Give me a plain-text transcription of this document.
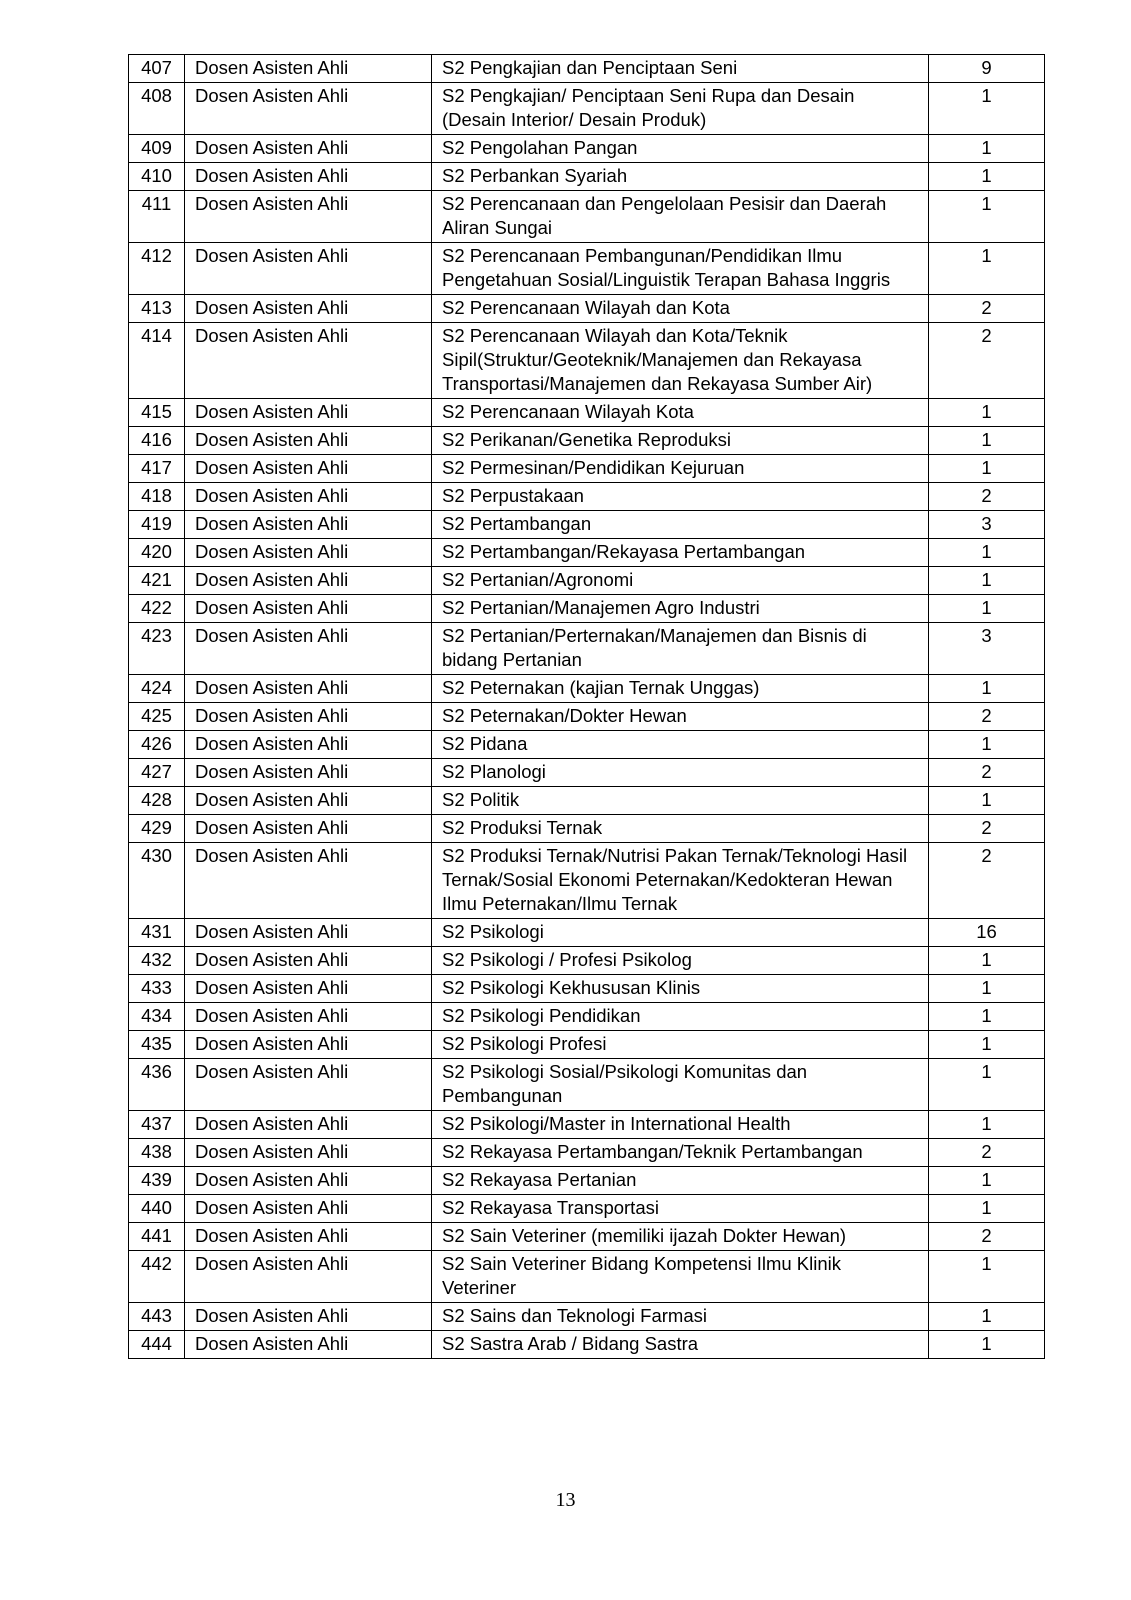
407	Dosen Asisten Ahli	S2 Pengkajian dan Penciptaan Seni	9
408	Dosen Asisten Ahli	S2 Pengkajian/ Penciptaan Seni Rupa dan Desain (Desain Interior/ Desain Produk)	1
409	Dosen Asisten Ahli	S2 Pengolahan Pangan	1
410	Dosen Asisten Ahli	S2 Perbankan Syariah	1
411	Dosen Asisten Ahli	S2 Perencanaan dan Pengelolaan Pesisir dan Daerah Aliran Sungai	1
412	Dosen Asisten Ahli	S2 Perencanaan Pembangunan/Pendidikan Ilmu Pengetahuan Sosial/Linguistik Terapan Bahasa Inggris	1
413	Dosen Asisten Ahli	S2 Perencanaan Wilayah dan Kota	2
414	Dosen Asisten Ahli	S2 Perencanaan Wilayah dan Kota/Teknik Sipil(Struktur/Geoteknik/Manajemen dan Rekayasa Transportasi/Manajemen dan Rekayasa Sumber Air)	2
415	Dosen Asisten Ahli	S2 Perencanaan Wilayah Kota	1
416	Dosen Asisten Ahli	S2 Perikanan/Genetika Reproduksi	1
417	Dosen Asisten Ahli	S2 Permesinan/Pendidikan Kejuruan	1
418	Dosen Asisten Ahli	S2 Perpustakaan	2
419	Dosen Asisten Ahli	S2 Pertambangan	3
420	Dosen Asisten Ahli	S2 Pertambangan/Rekayasa Pertambangan	1
421	Dosen Asisten Ahli	S2 Pertanian/Agronomi	1
422	Dosen Asisten Ahli	S2 Pertanian/Manajemen Agro Industri	1
423	Dosen Asisten Ahli	S2 Pertanian/Perternakan/Manajemen dan Bisnis di bidang Pertanian	3
424	Dosen Asisten Ahli	S2 Peternakan (kajian Ternak Unggas)	1
425	Dosen Asisten Ahli	S2 Peternakan/Dokter Hewan	2
426	Dosen Asisten Ahli	S2 Pidana	1
427	Dosen Asisten Ahli	S2 Planologi	2
428	Dosen Asisten Ahli	S2 Politik	1
429	Dosen Asisten Ahli	S2 Produksi Ternak	2
430	Dosen Asisten Ahli	S2 Produksi Ternak/Nutrisi Pakan Ternak/Teknologi Hasil Ternak/Sosial Ekonomi Peternakan/Kedokteran Hewan Ilmu Peternakan/Ilmu Ternak	2
431	Dosen Asisten Ahli	S2 Psikologi	16
432	Dosen Asisten Ahli	S2 Psikologi / Profesi Psikolog	1
433	Dosen Asisten Ahli	S2 Psikologi Kekhususan Klinis	1
434	Dosen Asisten Ahli	S2 Psikologi Pendidikan	1
435	Dosen Asisten Ahli	S2 Psikologi Profesi	1
436	Dosen Asisten Ahli	S2 Psikologi Sosial/Psikologi Komunitas dan Pembangunan	1
437	Dosen Asisten Ahli	S2 Psikologi/Master in International Health	1
438	Dosen Asisten Ahli	S2 Rekayasa Pertambangan/Teknik Pertambangan	2
439	Dosen Asisten Ahli	S2 Rekayasa Pertanian	1
440	Dosen Asisten Ahli	S2 Rekayasa Transportasi	1
441	Dosen Asisten Ahli	S2 Sain Veteriner (memiliki ijazah Dokter Hewan)	2
442	Dosen Asisten Ahli	S2 Sain Veteriner Bidang Kompetensi Ilmu Klinik Veteriner	1
443	Dosen Asisten Ahli	S2 Sains dan Teknologi Farmasi	1
444	Dosen Asisten Ahli	S2 Sastra Arab / Bidang Sastra	1
13
